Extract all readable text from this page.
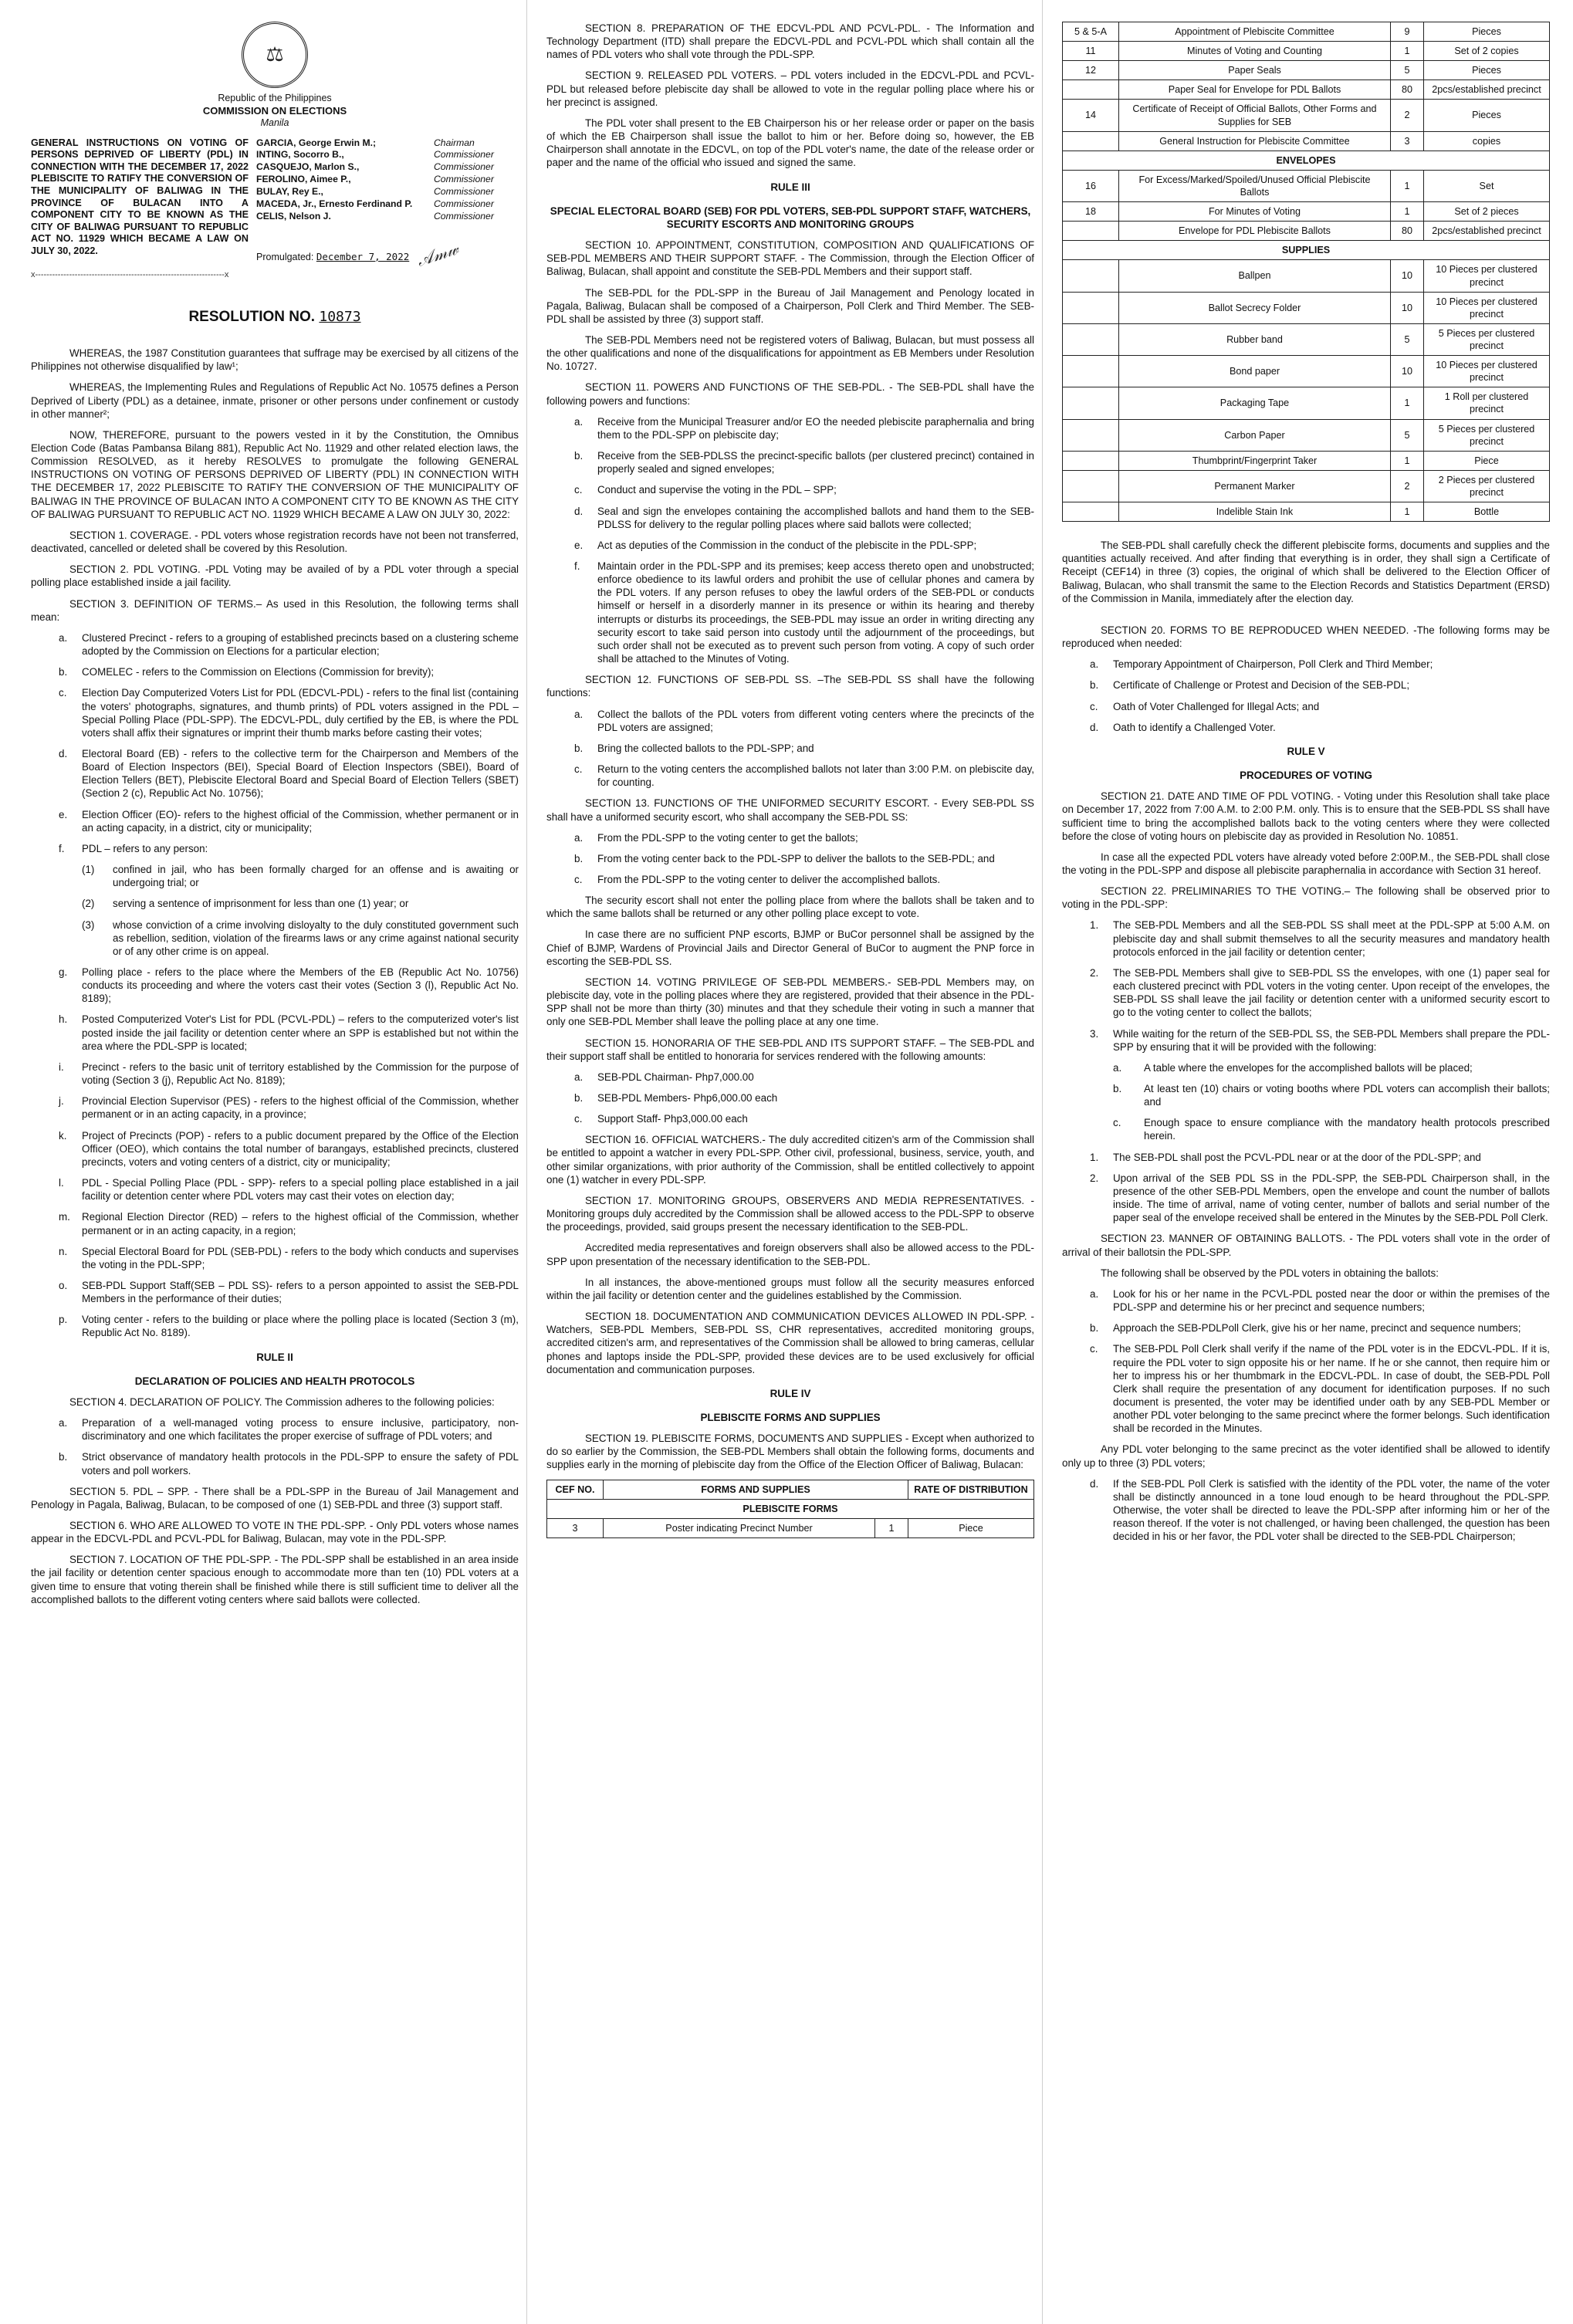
⚖
Republic of the Philippines
COMMISSION ON ELECTIONS
Manila
GENERAL INSTRUCTIONS ON VOTING OF PERSONS DEPRIVED OF LIBERTY (PDL) IN CONNECTION WITH THE DECEMBER 17, 2022 PLEBISCITE TO RATIFY THE CONVERSION OF THE MUNICIPALITY OF BALIWAG IN THE PROVINCE OF BULACAN INTO A COMPONENT CITY TO BE KNOWN AS THE CITY OF BALIWAG PURSUANT TO REPUBLIC ACT NO. 11929 WHICH BECAME A LAW ON JULY 30, 2022.
GARCIA, George Erwin M.;	Chairman
INTING, Socorro B.,	Commissioner
CASQUEJO, Marlon S.,	Commissioner
FEROLINO, Aimee P.,	Commissioner
BULAY, Rey E.,	Commissioner
MACEDA, Jr., Ernesto Ferdinand P. Commissioner
CELIS, Nelson J.	Commissioner
Promulgated: December 7, 2022 𝒜𝓂𝓌
x-------------------------------------------------------------------x
RESOLUTION NO. 10873

WHEREAS, the 1987 Constitution guarantees that suffrage may be exercised by all citizens of the Philippines not otherwise disqualified by law¹;

WHEREAS, the Implementing Rules and Regulations of Republic Act No. 10575 defines a Person Deprived of Liberty (PDL) as a detainee, inmate, prisoner or other persons under confinement or custody in other manner²;

NOW, THEREFORE, pursuant to the powers vested in it by the Constitution, the Omnibus Election Code (Batas Pambansa Bilang 881), Republic Act No. 11929 and other related election laws, the Commission RESOLVED, as it hereby RESOLVES to promulgate the following GENERAL INSTRUCTIONS ON VOTING OF PERSONS DEPRIVED OF LIBERTY (PDL) IN CONNECTION WITH THE DECEMBER 17, 2022 PLEBISCITE TO RATIFY THE CONVERSION OF THE MUNICIPALITY OF BALIWAG IN THE PROVINCE OF BULACAN INTO A COMPONENT CITY TO BE KNOWN AS THE CITY OF BALIWAG PURSUANT TO REPUBLIC ACT NO. 11929 WHICH BECAME A LAW ON JULY 30, 2022:

SECTION 1. COVERAGE. - PDL voters whose registration records have not been not transferred, deactivated, cancelled or deleted shall be covered by this Resolution.

SECTION 2. PDL VOTING. -PDL Voting may be availed of by a PDL voter through a special polling place established inside a jail facility.

SECTION 3. DEFINITION OF TERMS.– As used in this Resolution, the following terms shall mean:

a.	Clustered Precinct - refers to a grouping of established precincts based on a clustering scheme adopted by the Commission on Elections for a particular election;
b.	COMELEC - refers to the Commission on Elections (Commission for brevity);
c.	Election Day Computerized Voters List for PDL (EDCVL-PDL) - refers to the final list (containing the voters' photographs, signatures, and thumb prints) of PDL voters assigned in the PDL – Special Polling Place (PDL-SPP). The EDCVL-PDL, duly certified by the EB, is where the PDL voters shall affix their signatures or imprint their thumb marks before casting their votes;
d.	Electoral Board (EB) - refers to the collective term for the Chairperson and Members of the Board of Election Inspectors (BEI), Special Board of Election Inspectors (SBEI), Board of Election Tellers (BET), Plebiscite Electoral Board and Special Board of Election Tellers (SBET) (Section 2 (c), Republic Act No. 10756);
e.	Election Officer (EO)- refers to the highest official of the Commission, whether permanent or in an acting capacity, in a district, city or municipality;
f.	PDL – refers to any person:
(1)	confined in jail, who has been formally charged for an offense and is awaiting or undergoing trial; or
(2)	serving a sentence of imprisonment for less than one (1) year; or
(3)	whose conviction of a crime involving disloyalty to the duly constituted government such as rebellion, sedition, violation of the firearms laws or any crime against national security or of any other crime is on appeal.
g.	Polling place - refers to the place where the Members of the EB (Republic Act No. 10756) conducts its proceeding and where the voters cast their votes (Section 3 (l), Republic Act No. 8189);
h.	Posted Computerized Voter's List for PDL (PCVL-PDL) – refers to the computerized voter's list posted inside the jail facility or detention center where an SPP is established but not within the area where the PDL-SPP is located;
i.	Precinct - refers to the basic unit of territory established by the Commission for the purpose of voting (Section 3 (j), Republic Act No. 8189);
j.	Provincial Election Supervisor (PES) - refers to the highest official of the Commission, whether permanent or in an acting capacity, in a province;
k.	Project of Precincts (POP) - refers to a public document prepared by the Office of the Election Officer (OEO), which contains the total number of barangays, established precincts, clustered precincts, voters and voting centers of a district, city or municipality;
l.	PDL - Special Polling Place (PDL - SPP)- refers to a special polling place established in a jail facility or detention center where PDL voters may cast their votes on election day;
m.	Regional Election Director (RED) – refers to the highest official of the Commission, whether permanent or in an acting capacity, in a region;
n.	Special Electoral Board for PDL (SEB-PDL) - refers to the body which conducts and supervises the voting in the PDL-SPP;
o.	SEB-PDL Support Staff(SEB – PDL SS)- refers to a person appointed to assist the SEB-PDL Members in the performance of their duties;
p.	Voting center - refers to the building or place where the polling place is located (Section 3 (m), Republic Act No. 8189).
RULE II
DECLARATION OF POLICIES AND HEALTH PROTOCOLS

SECTION 4. DECLARATION OF POLICY. The Commission adheres to the following policies:

a.	Preparation of a well-managed voting process to ensure inclusive, participatory, non-discriminatory and one which facilitates the proper exercise of suffrage of PDL voters; and
b.	Strict observance of mandatory health protocols in the PDL-SPP to ensure the safety of PDL voters and poll workers.

SECTION 5. PDL – SPP. - There shall be a PDL-SPP in the Bureau of Jail Management and Penology in Pagala, Baliwag, Bulacan, to be composed of one (1) SEB-PDL and three (3) support staff.

SECTION 6. WHO ARE ALLOWED TO VOTE IN THE PDL-SPP. - Only PDL voters whose names appear in the EDCVL-PDL and PCVL-PDL for Baliwag, Bulacan, may vote in the PDL-SPP.

SECTION 7. LOCATION OF THE PDL-SPP. - The PDL-SPP shall be established in an area inside the jail facility or detention center spacious enough to accommodate more than ten (10) PDL voters at a given time to ensure that voting therein shall be finished while there is still sufficient time to deliver all the accomplished ballots to the different voting centers where said ballots were collected.

SECTION 8. PREPARATION OF THE EDCVL-PDL AND PCVL-PDL. - The Information and Technology Department (ITD) shall prepare the EDCVL-PDL and PCVL-PDL which shall contain all the names of PDL voters who shall vote through the PDL-SPP.

SECTION 9. RELEASED PDL VOTERS. – PDL voters included in the EDCVL-PDL and PCVL-PDL but released before plebiscite day shall be allowed to vote in the regular polling place where his or her precinct is assigned.

The PDL voter shall present to the EB Chairperson his or her release order or paper on the basis of which the EB Chairperson shall issue the ballot to him or her. Before doing so, however, the EB Chairperson shall annotate in the EDCVL, on top of the PDL voter's name, the date of the release order or paper and the name of the official who issued and signed the same.

RULE III
SPECIAL ELECTORAL BOARD (SEB) FOR PDL VOTERS, SEB-PDL SUPPORT STAFF, WATCHERS, SECURITY ESCORTS AND MONITORING GROUPS

SECTION 10. APPOINTMENT, CONSTITUTION, COMPOSITION AND QUALIFICATIONS OF SEB-PDL MEMBERS AND THEIR SUPPORT STAFF. - The Commission, through the Election Officer of Baliwag, Bulacan, shall appoint and constitute the SEB-PDL Members and their support staff.

The SEB-PDL for the PDL-SPP in the Bureau of Jail Management and Penology located in Pagala, Baliwag, Bulacan shall be composed of a Chairperson, Poll Clerk and Third Member. The SEB-PDL shall be assisted by three (3) support staff.

The SEB-PDL Members need not be registered voters of Baliwag, Bulacan, but must possess all the other qualifications and none of the disqualifications for appointment as EB Members under Resolution No. 10727.

SECTION 11. POWERS AND FUNCTIONS OF THE SEB-PDL. - The SEB-PDL shall have the following powers and functions:

a.	Receive from the Municipal Treasurer and/or EO the needed plebiscite paraphernalia and bring them to the PDL-SPP on plebiscite day;
b.	Receive from the SEB-PDLSS the precinct-specific ballots (per clustered precinct) contained in properly sealed and signed envelopes;
c.	Conduct and supervise the voting in the PDL – SPP;
d.	Seal and sign the envelopes containing the accomplished ballots and hand them to the SEB-PDLSS for delivery to the regular polling places where said ballots were collected;
e.	Act as deputies of the Commission in the conduct of the plebiscite in the PDL-SPP;
f.	Maintain order in the PDL-SPP and its premises; keep access thereto open and unobstructed; enforce obedience to its lawful orders and prohibit the use of cellular phones and camera by the PDL voters. If any person refuses to obey the lawful orders of the SEB-PDL or conducts himself or herself in a disorderly manner in its presence or within its hearing and thereby interrupts or disturbs its proceedings, the SEB-PDL may issue an order in writing directing any security escort to take said person into custody until the adjournment of the proceedings, but such order shall not be executed as to prevent such person from voting. A copy of such order shall be attached to the Minutes of Voting.

SECTION 12. FUNCTIONS OF SEB-PDL SS. –The SEB-PDL SS shall have the following functions:

a.	Collect the ballots of the PDL voters from different voting centers where the precincts of the PDL voters are assigned;
b.	Bring the collected ballots to the PDL-SPP; and
c.	Return to the voting centers the accomplished ballots not later than 3:00 P.M. on plebiscite day, for counting.

SECTION 13. FUNCTIONS OF THE UNIFORMED SECURITY ESCORT. - Every SEB-PDL SS shall have a uniformed security escort, who shall accompany the SEB-PDL SS:

a.	From the PDL-SPP to the voting center to get the ballots;
b.	From the voting center back to the PDL-SPP to deliver the ballots to the SEB-PDL; and
c.	From the PDL-SPP to the voting center to deliver the accomplished ballots.

The security escort shall not enter the polling place from where the ballots shall be taken and to which the same ballots shall be returned or any other polling place except to vote.

In case there are no sufficient PNP escorts, BJMP or BuCor personnel shall be assigned by the Chief of BJMP, Wardens of Provincial Jails and Director General of BuCor to augment the PNP force in escorting the SEB-PDL SS.

SECTION 14. VOTING PRIVILEGE OF SEB-PDL MEMBERS.- SEB-PDL Members may, on plebiscite day, vote in the polling places where they are registered, provided that their absence in the PDL-SPP shall not be more than thirty (30) minutes and that they schedule their voting in such a manner that only one SEB-PDL Member shall leave the polling place at any one time.

SECTION 15. HONORARIA OF THE SEB-PDL AND ITS SUPPORT STAFF. – The SEB-PDL and their support staff shall be entitled to honoraria for services rendered with the following amounts:

a.	SEB-PDL Chairman- Php7,000.00
b.	SEB-PDL Members- Php6,000.00 each
c.	Support Staff- Php3,000.00 each

SECTION 16. OFFICIAL WATCHERS.- The duly accredited citizen's arm of the Commission shall be entitled to appoint a watcher in every PDL-SPP. Other civil, professional, business, service, youth, and other similar organizations, with prior authority of the Commission, shall be entitled collectively to appoint one (1) watcher in every PDL-SPP.

SECTION 17. MONITORING GROUPS, OBSERVERS AND MEDIA REPRESENTATIVES. - Monitoring groups duly accredited by the Commission shall be allowed access to the PDL-SPP to observe the proceedings, provided, said groups present the necessary identification to the SEB-PDL.

Accredited media representatives and foreign observers shall also be allowed access to the PDL-SPP upon presentation of the necessary identification to the SEB-PDL.

In all instances, the above-mentioned groups must follow all the security measures enforced within the jail facility or detention center and the guidelines established by the Commission.

SECTION 18. DOCUMENTATION AND COMMUNICATION DEVICES ALLOWED IN PDL-SPP. - Watchers, SEB-PDL Members, SEB-PDL SS, CHR representatives, accredited monitoring groups, accredited citizen's arm, and representatives of the Commission shall be allowed to bring cameras, cellular phones and laptops inside the PDL-SPP, provided these devices are to be used exclusively for official documentation and communication purposes.

RULE IV
PLEBISCITE FORMS AND SUPPLIES

SECTION 19. PLEBISCITE FORMS, DOCUMENTS AND SUPPLIES - Except when authorized to do so earlier by the Commission, the SEB-PDL Members shall obtain the following forms, documents and supplies early in the morning of plebiscite day from the Office of the Election Officer of Baliwag, Bulacan:

CEF NO.	FORMS AND SUPPLIES		RATE OF DISTRIBUTION
PLEBISCITE FORMS			
3	Poster indicating Precinct Number	1	Piece
5 & 5-A	Appointment of Plebiscite Committee	9	Pieces
11	Minutes of Voting and Counting	1	Set of 2 copies
12	Paper Seals	5	Pieces
	Paper Seal for Envelope for PDL Ballots	80	2pcs/established precinct
14	Certificate of Receipt of Official Ballots, Other Forms and Supplies for SEB	2	Pieces
	General Instruction for Plebiscite Committee	3	copies
ENVELOPES			
16	For Excess/Marked/Spoiled/Unused Official Plebiscite Ballots	1	Set
18	For Minutes of Voting	1	Set of 2 pieces
	Envelope for PDL Plebiscite Ballots	80	2pcs/established precinct
SUPPLIES			
	Ballpen	10	10 Pieces per clustered precinct
	Ballot Secrecy Folder	10	10 Pieces per clustered precinct
	Rubber band	5	5 Pieces per clustered precinct
	Bond paper	10	10 Pieces per clustered precinct
	Packaging Tape	1	1 Roll per clustered precinct
	Carbon Paper	5	5 Pieces per clustered precinct
	Thumbprint/Fingerprint Taker	1	Piece
	Permanent Marker	2	2 Pieces per clustered precinct
	Indelible Stain Ink	1	Bottle

The SEB-PDL shall carefully check the different plebiscite forms, documents and supplies and the quantities actually received. And after finding that everything is in order, they shall sign a Certificate of Receipt (CEF14) in three (3) copies, the original of which shall be delivered to the Election Officer of Baliwag, Bulacan, who shall transmit the same to the Election Records and Statistics Department (ERSD) of the Commission in Manila, immediately after the election day.

SECTION 20. FORMS TO BE REPRODUCED WHEN NEEDED. -The following forms may be reproduced when needed:

a.	Temporary Appointment of Chairperson, Poll Clerk and Third Member;
b.	Certificate of Challenge or Protest and Decision of the SEB-PDL;
c.	Oath of Voter Challenged for Illegal Acts; and
d.	Oath to identify a Challenged Voter.
RULE V
PROCEDURES OF VOTING

SECTION 21. DATE AND TIME OF PDL VOTING. - Voting under this Resolution shall take place on December 17, 2022 from 7:00 A.M. to 2:00 P.M. only. This is to ensure that the SEB-PDL SS shall have sufficient time to bring the accomplished ballots back to the voting centers where they were collected before the close of voting hours on plebiscite day as provided in Resolution No. 10851.

In case all the expected PDL voters have already voted before 2:00P.M., the SEB-PDL shall close the voting in the PDL-SPP and dispose all plebiscite paraphernalia in accordance with Section 31 hereof.

SECTION 22. PRELIMINARIES TO THE VOTING.– The following shall be observed prior to voting in the PDL-SPP:

1.	The SEB-PDL Members and all the SEB-PDL SS shall meet at the PDL-SPP at 5:00 A.M. on plebiscite day and shall submit themselves to all the security measures and mandatory health protocols enforced in the jail facility or detention center;
2.	The SEB-PDL Members shall give to SEB-PDL SS the envelopes, with one (1) paper seal for each clustered precinct with PDL voters in the voting center. Upon receipt of the envelopes, the SEB-PDL SS shall leave the jail facility or detention center with a uniformed security escort to go to the voting center to collect the ballots;
3.	While waiting for the return of the SEB-PDL SS, the SEB-PDL Members shall prepare the PDL-SPP by ensuring that it will be provided with the following:
a.	A table where the envelopes for the accomplished ballots will be placed;
b.	At least ten (10) chairs or voting booths where PDL voters can accomplish their ballots; and
c.	Enough space to ensure compliance with the mandatory health protocols prescribed herein.
1.	The SEB-PDL shall post the PCVL-PDL near or at the door of the PDL-SPP; and
2.	Upon arrival of the SEB PDL SS in the PDL-SPP, the SEB-PDL Chairperson shall, in the presence of the other SEB-PDL Members, open the envelope and count the number of ballots inside. The time of arrival, name of voting center, number of ballots and serial number of the paper seal of the envelope received shall be entered in the Minutes by the SEB-PDL Poll Clerk.

SECTION 23. MANNER OF OBTAINING BALLOTS. - The PDL voters shall vote in the order of arrival of their ballotsin the PDL-SPP.

The following shall be observed by the PDL voters in obtaining the ballots:

a.	Look for his or her name in the PCVL-PDL posted near the door or within the premises of the PDL-SPP and determine his or her precinct and sequence numbers;
b.	Approach the SEB-PDLPoll Clerk, give his or her name, precinct and sequence numbers;
c.	The SEB-PDL Poll Clerk shall verify if the name of the PDL voter is in the EDCVL-PDL. If it is, require the PDL voter to sign opposite his or her name. If he or she cannot, then require him or her to impress his or her thumbmark in the EDCVL-PDL. In case of doubt, the SEB-PDL Poll Clerk shall require the presentation of any document for identification purposes. If no such document is presented, the voter may be identified under oath by any SEB-PDL Member or another PDL voter belonging to the same precinct where the former belongs. Such identification shall be recorded in the Minutes.

Any PDL voter belonging to the same precinct as the voter identified shall be allowed to identify only up to three (3) PDL voters;

d.	If the SEB-PDL Poll Clerk is satisfied with the identity of the PDL voter, the name of the voter shall be distinctly announced in a tone loud enough to be heard throughout the PDL-SPP. Otherwise, the voter shall be directed to leave the PDL-SPP after informing him or her of the reason thereof. If the voter is not challenged, or having been challenged, the question has been decided in his or her favor, the PDL voter shall be directed to the SEB-PDL Chairperson;
